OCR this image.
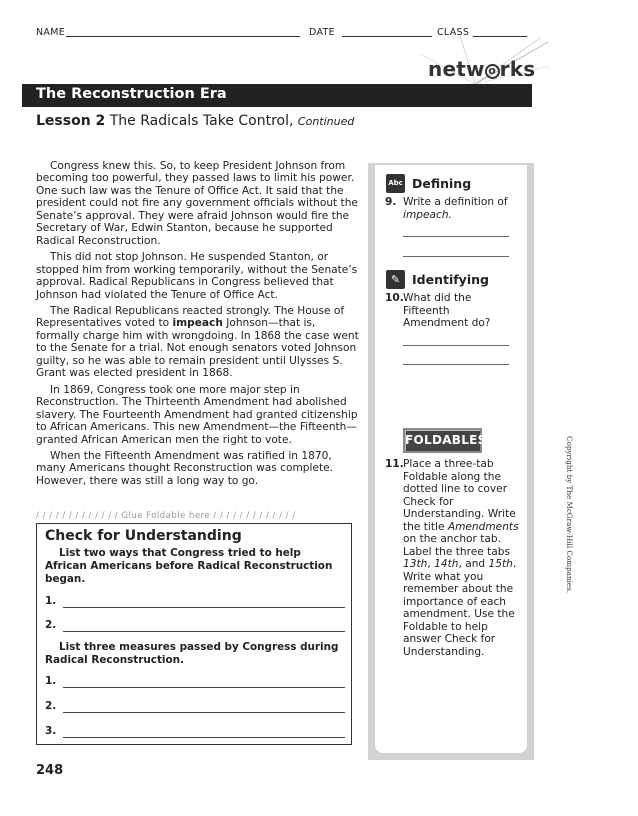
NAME	DATE	CLASS
netw o rks
The Reconstruction Era
Lesson 2 The Radicals Take Control, Continued

Congress knew this. So, to keep President Johnson from becoming too powerful, they passed laws to limit his power. One such law was the Tenure of Office Act. It said that the president could not fire any government officials without the Senate’s approval. They were afraid Johnson would fire the Secretary of War, Edwin Stanton, because he supported Radical Reconstruction.

This did not stop Johnson. He suspended Stanton, or stopped him from working temporarily, without the Senate’s approval. Radical Republicans in Congress believed that Johnson had violated the Tenure of Office Act.

The Radical Republicans reacted strongly. The House of Representatives voted to impeach Johnson—that is, formally charge him with wrongdoing. In 1868 the case went to the Senate for a trial. Not enough senators voted Johnson guilty, so he was able to remain president until Ulysses S. Grant was elected president in 1868.

In 1869, Congress took one more major step in Reconstruction. The Thirteenth Amendment had abolished slavery. The Fourteenth Amendment had granted citizenship to African Americans. This new Amendment—the Fifteenth—granted African American men the right to vote.

When the Fifteenth Amendment was ratified in 1870, many Americans thought Reconstruction was complete. However, there was still a long way to go.

/ / / / / / / / / / / / / Glue Foldable here / / / / / / / / / / / / /
Check for Understanding
List two ways that Congress tried to help African Americans before Radical Reconstruction began.
1.
2.
List three measures passed by Congress during Radical Reconstruction.
1.
2.
3.
Abc Defining
9. Write a definition of
impeach.
✎ Identifying
10. What did the Fifteenth Amendment do?
FOLDABLES
11. Place a three-tab Foldable along the dotted line to cover Check for Understanding. Write the title Amendments on the anchor tab. Label the three tabs 13th, 14th, and 15th. Write what you remember about the importance of each amendment. Use the Foldable to help answer Check for Understanding.
Copyright by The McGraw-Hill Companies.
248
